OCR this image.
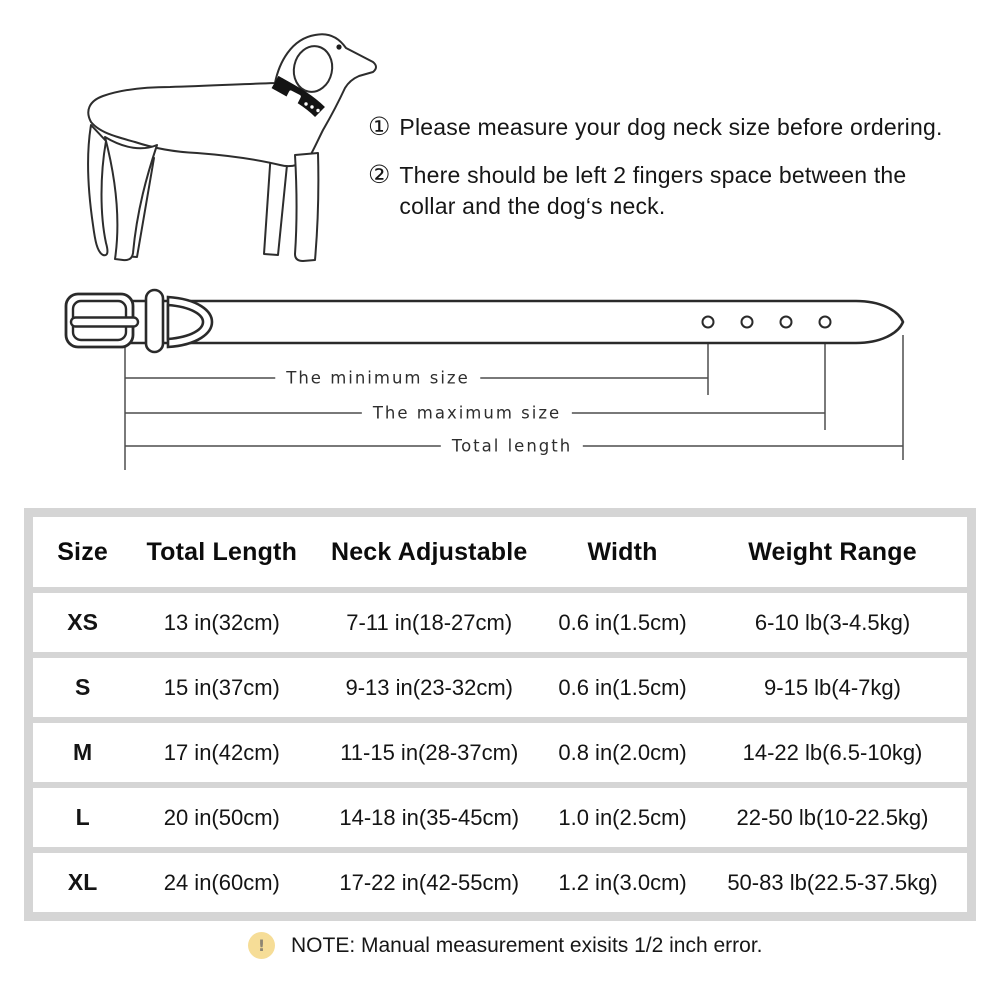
① Please measure your dog neck size before ordering.
② There should be left 2 fingers space between the collar and the dog‘s neck.
The minimum size
The maximum size
Total length
Size	Total Length	Neck Adjustable	Width	Weight Range
XS	13 in(32cm)	7-11 in(18-27cm)	0.6 in(1.5cm)	6-10 lb(3-4.5kg)
S	15 in(37cm)	9-13 in(23-32cm)	0.6 in(1.5cm)	9-15 lb(4-7kg)
M	17 in(42cm)	11-15 in(28-37cm)	0.8 in(2.0cm)	14-22 lb(6.5-10kg)
L	20 in(50cm)	14-18 in(35-45cm)	1.0 in(2.5cm)	22-50 lb(10-22.5kg)
XL	24 in(60cm)	17-22 in(42-55cm)	1.2 in(3.0cm)	50-83 lb(22.5-37.5kg)
!	NOTE: Manual measurement exisits 1/2 inch error.
